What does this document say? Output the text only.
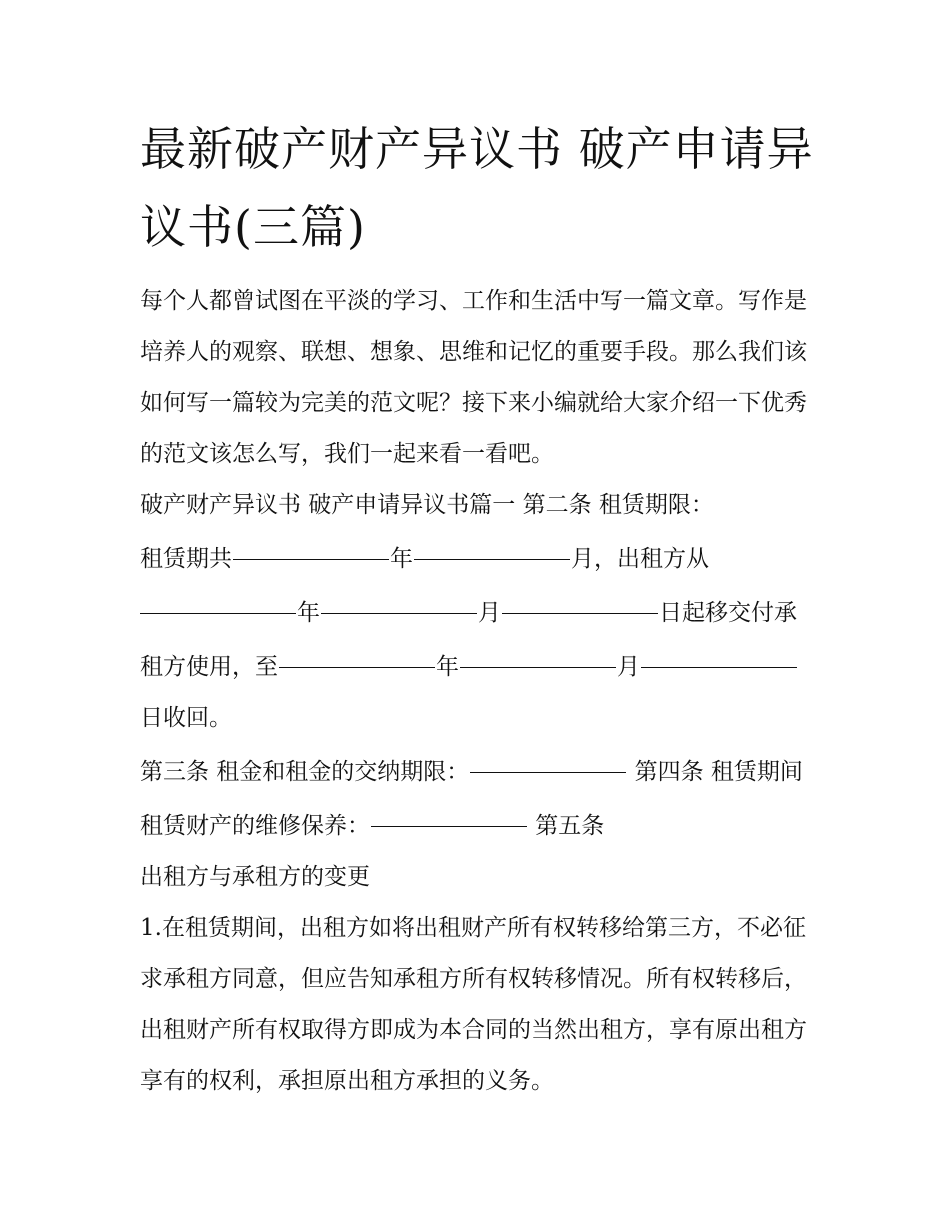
最新破产财产异议书 破产申请异议书(三篇)

每个人都曾试图在平淡的学习、工作和生活中写一篇文章。写作是培养人的观察、联想、想象、思维和记忆的重要手段。那么我们该如何写一篇较为完美的范文呢？接下来小编就给大家介绍一下优秀的范文该怎么写，我们一起来看一看吧。

破产财产异议书 破产申请异议书篇一 第二条 租赁期限：

租赁期共	年	月，出租方从年	月	日起移交付承租方使用，至	年	月日收回。

第三条 租金和租金的交纳期限：	第四条 租赁期间租赁财产的维修保养：	第五条

出租方与承租方的变更

1.在租赁期间，出租方如将出租财产所有权转移给第三方，不必征求承租方同意，但应告知承租方所有权转移情况。所有权转移后，出租财产所有权取得方即成为本合同的当然出租方，享有原出租方享有的权利，承担原出租方承担的义务。
